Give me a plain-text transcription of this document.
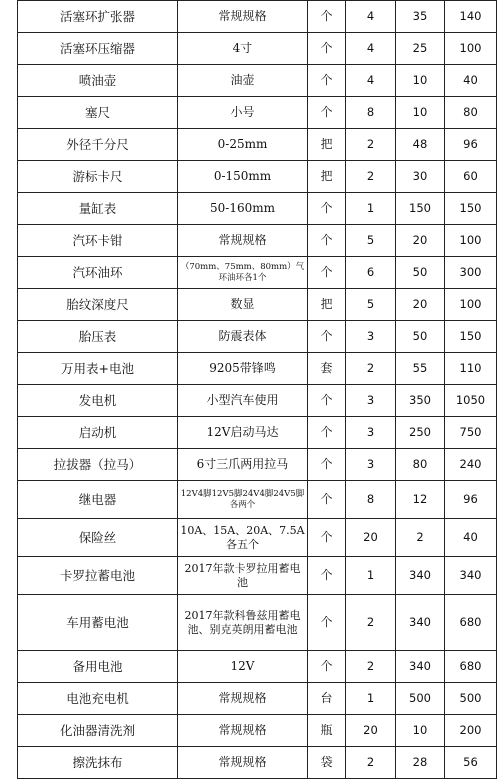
活塞环扩张器	常规规格	个	4	35	140
活塞环压缩器	4寸	个	4	25	100
喷油壶	油壶	个	4	10	40
塞尺	小号	个	8	10	80
外径千分尺	0-25mm	把	2	48	96
游标卡尺	0-150mm	把	2	30	60
量缸表	50-160mm	个	1	150	150
汽环卡钳	常规规格	个	5	20	100
汽环油环	（70mm、75mm、80mm）气环油环各1个	个	6	50	300
胎纹深度尺	数显	把	5	20	100
胎压表	防震表体	个	3	50	150
万用表+电池	9205带锋鸣	套	2	55	110
发电机	小型汽车使用	个	3	350	1050
启动机	12V启动马达	个	3	250	750
拉拔器（拉马）	6寸三爪两用拉马	个	3	80	240
继电器	12V4脚12V5脚24V4脚24V5脚各两个	个	8	12	96
保险丝	10A、15A、20A、7.5A各五个	个	20	2	40
卡罗拉蓄电池	2017年款卡罗拉用蓄电池	个	1	340	340
车用蓄电池	2017年款科鲁兹用蓄电池、别克英朗用蓄电池	个	2	340	680
备用电池	12V	个	2	340	680
电池充电机	常规规格	台	1	500	500
化油器清洗剂	常规规格	瓶	20	10	200
擦洗抹布	常规规格	袋	2	28	56
